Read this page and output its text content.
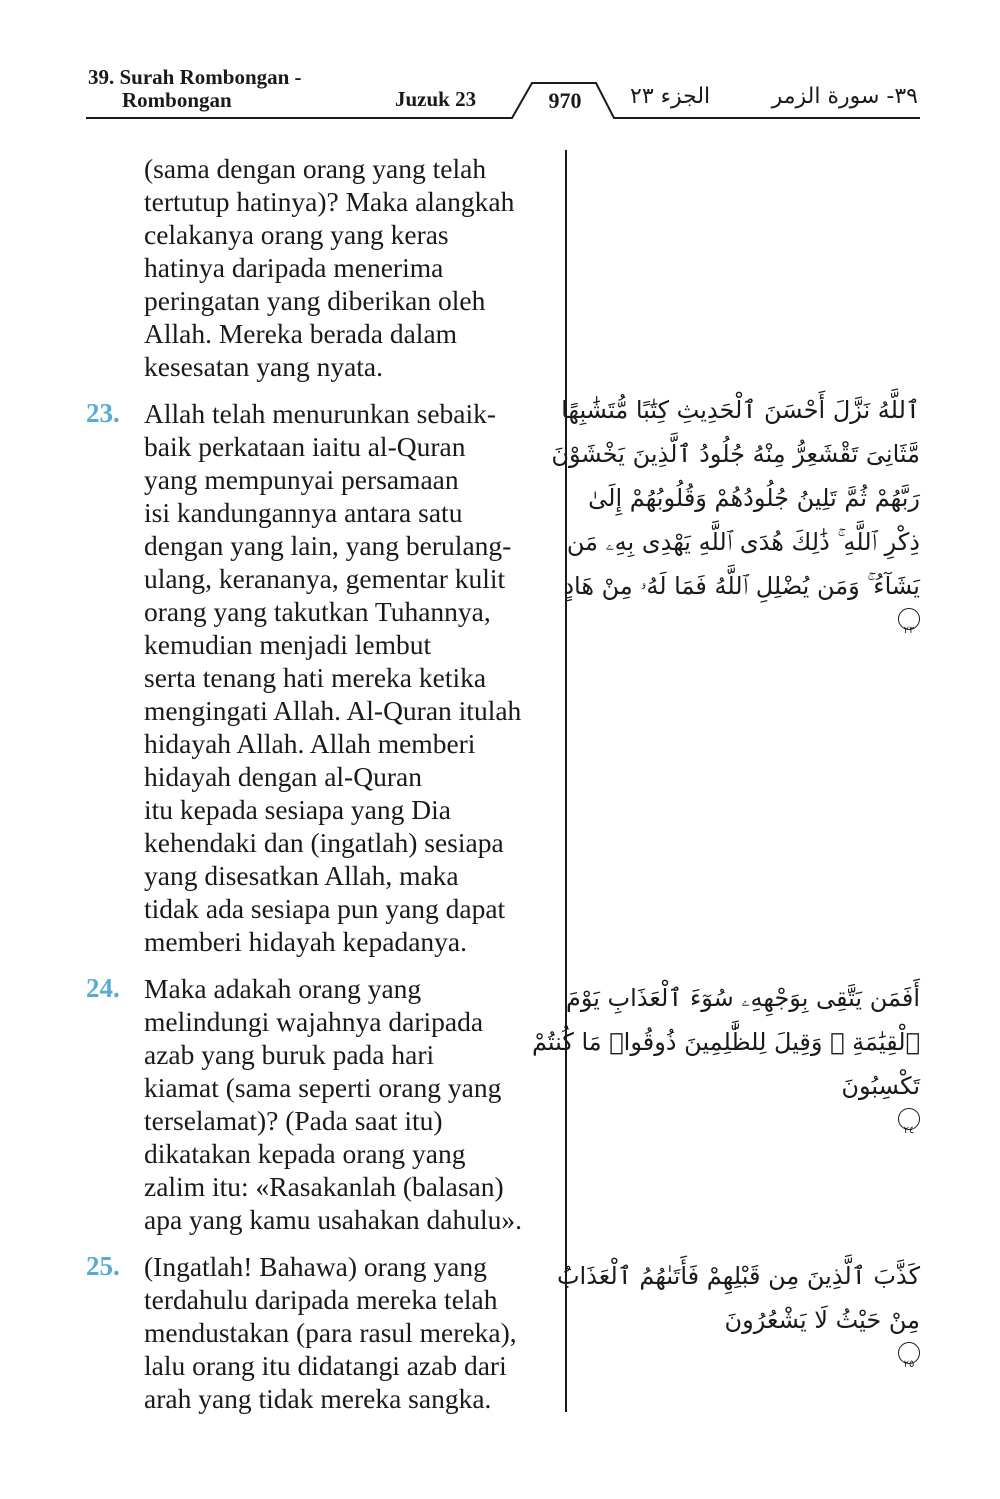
39. Surah Rombongan -
Rombongan	Juzuk 23	970	الجزء ٢٣	٣٩- سورة الزمر
(sama dengan orang yang telah
tertutup hatinya)? Maka alangkah
celakanya orang yang keras
hatinya daripada menerima
peringatan yang diberikan oleh
Allah. Mereka berada dalam
kesesatan yang nyata.
23. Allah telah menurunkan sebaik-
baik perkataan iaitu al-Quran
yang mempunyai persamaan
isi kandungannya antara satu
dengan yang lain, yang berulang-
ulang, kerananya, gementar kulit
orang yang takutkan Tuhannya,
kemudian menjadi lembut
serta tenang hati mereka ketika
mengingati Allah. Al-Quran itulah
hidayah Allah. Allah memberi
hidayah dengan al-Quran
itu kepada sesiapa yang Dia
kehendaki dan (ingatlah) sesiapa
yang disesatkan Allah, maka
tidak ada sesiapa pun yang dapat
memberi hidayah kepadanya.
24. Maka adakah orang yang
melindungi wajahnya daripada
azab yang buruk pada hari
kiamat (sama seperti orang yang
terselamat)? (Pada saat itu)
dikatakan kepada orang yang
zalim itu: «Rasakanlah (balasan)
apa yang kamu usahakan dahulu».
25. (Ingatlah! Bahawa) orang yang
terdahulu daripada mereka telah
mendustakan (para rasul mereka),
lalu orang itu didatangi azab dari
arah yang tidak mereka sangka.
ٱللَّهُ نَزَّلَ أَحْسَنَ ٱلْحَدِيثِ كِتَٰبًا مُّتَشَٰبِهًا
مَّثَانِىَ تَقْشَعِرُّ مِنْهُ جُلُودُ ٱلَّذِينَ يَخْشَوْنَ
رَبَّهُمْ ثُمَّ تَلِينُ جُلُودُهُمْ وَقُلُوبُهُمْ إِلَىٰ
ذِكْرِ ٱللَّهِ ۚ ذَٰلِكَ هُدَى ٱللَّهِ يَهْدِى بِهِۦ مَن
يَشَآءُ ۚ وَمَن يُضْلِلِ ٱللَّهُ فَمَا لَهُۥ مِنْ هَادٍ
٢٣
أَفَمَن يَتَّقِى بِوَجْهِهِۦ سُوٓءَ ٱلْعَذَابِ يَوْمَ
ٱلْقِيَٰمَةِ ۚ وَقِيلَ لِلظَّٰلِمِينَ ذُوقُوا۟ مَا كُنتُمْ
تَكْسِبُونَ
٢٤
كَذَّبَ ٱلَّذِينَ مِن قَبْلِهِمْ فَأَتَىٰهُمُ ٱلْعَذَابُ
مِنْ حَيْثُ لَا يَشْعُرُونَ
٢٥
